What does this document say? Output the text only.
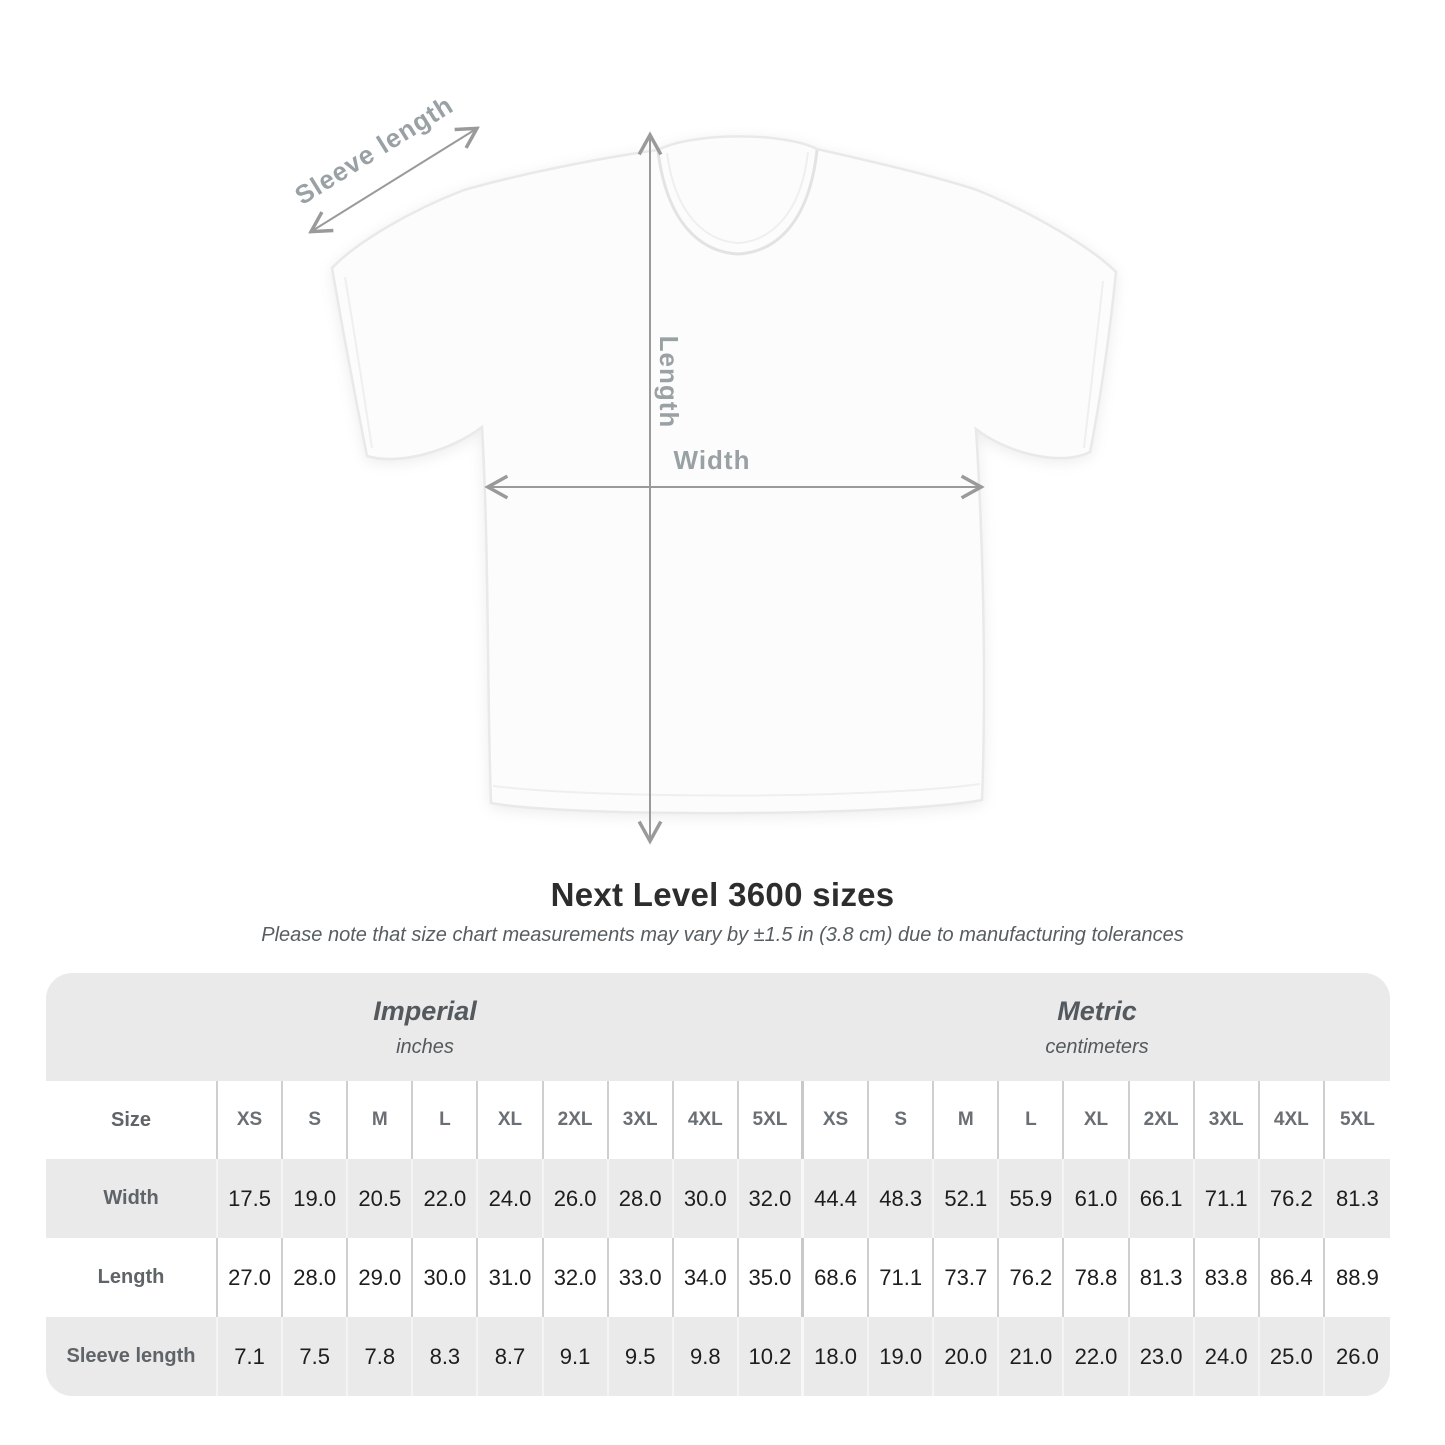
Sleeve length
Length
Width
Next Level 3600 sizes

Please note that size chart measurements may vary by ±1.5 in (3.8 cm) due to manufacturing tolerances

Imperial
inches
Metric
centimeters
Size	XS	S	M	L	XL	2XL	3XL	4XL	5XL	XS	S	M	L	XL	2XL	3XL	4XL	5XL
Width	17.5	19.0	20.5	22.0	24.0	26.0	28.0	30.0 32.0	44.4	48.3	52.1	55.9	61.0	66.1	71.1	76.2	81.3
Length	27.0	28.0	29.0	30.0	31.0	32.0	33.0	34.0 35.0	68.6	71.1	73.7	76.2	78.8	81.3	83.8	86.4	88.9
Sleeve length	7.1	7.5	7.8	8.3	8.7	9.1	9.5	9.8	10.2	18.0	19.0	20.0	21.0	22.0	23.0	24.0	25.0	26.0
